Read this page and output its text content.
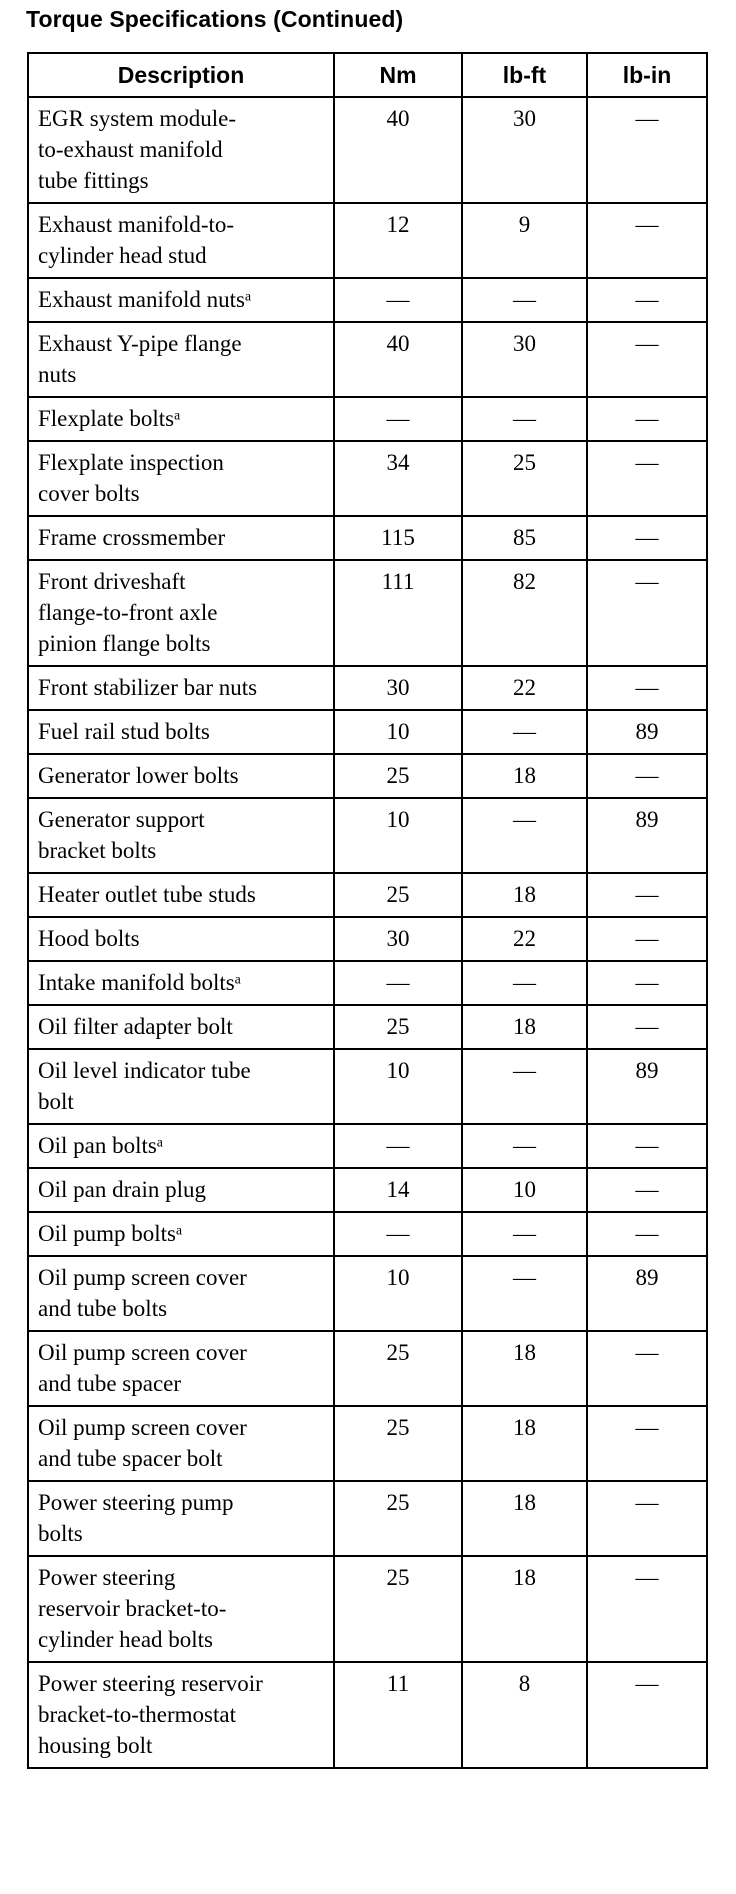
Torque Specifications (Continued)
Description	Nm	lb-ft	lb-in

EGR system module-to-exhaust manifold tube fittings	40	30	—

Exhaust manifold-to-cylinder head stud	12	9	—

Exhaust manifold nutsᵃ	—	—	—

Exhaust Y-pipe flange nuts	40	30	—

Flexplate boltsᵃ	—	—	—

Flexplate inspection cover bolts	34	25	—

Frame crossmember	115	85	—

Front driveshaft flange-to-front axle pinion flange bolts	111	82	—

Front stabilizer bar nuts	30	22	—

Fuel rail stud bolts	10	—	89

Generator lower bolts	25	18	—

Generator support bracket bolts	10	—	89

Heater outlet tube studs	25	18	—

Hood bolts	30	22	—

Intake manifold boltsᵃ	—	—	—

Oil filter adapter bolt	25	18	—

Oil level indicator tube bolt	10	—	89

Oil pan boltsᵃ	—	—	—

Oil pan drain plug	14	10	—

Oil pump boltsᵃ	—	—	—

Oil pump screen cover and tube bolts	10	—	89

Oil pump screen cover and tube spacer	25	18	—

Oil pump screen cover and tube spacer bolt	25	18	—

Power steering pump bolts	25	18	—

Power steering reservoir bracket-to-cylinder head bolts	25	18	—

Power steering reservoir bracket-to-thermostat housing bolt	11	8	—
